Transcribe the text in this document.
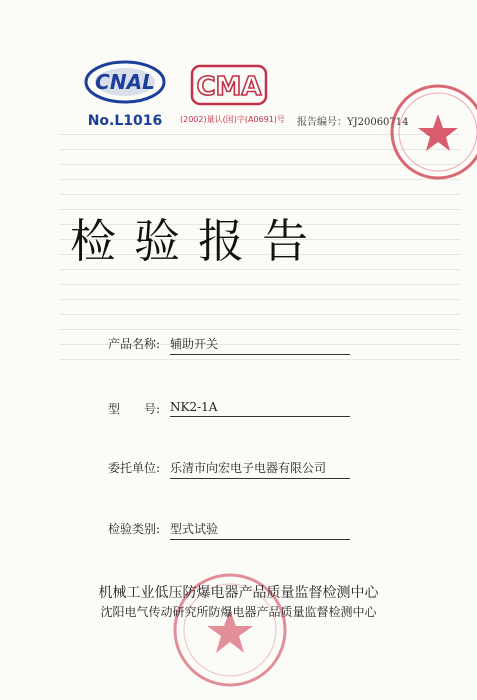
CNAL
No.L1016
CMA
(2002)量认(国)字(A0691)号 报告编号：YJ20060714
检验报告
产品名称: 辅助开关
型　　号: NK2-1A
委托单位: 乐清市向宏电子电器有限公司
检验类别: 型式试验
机械工业低压防爆电器产品质量监督检测中心
沈阳电气传动研究所防爆电器产品质量监督检测中心
